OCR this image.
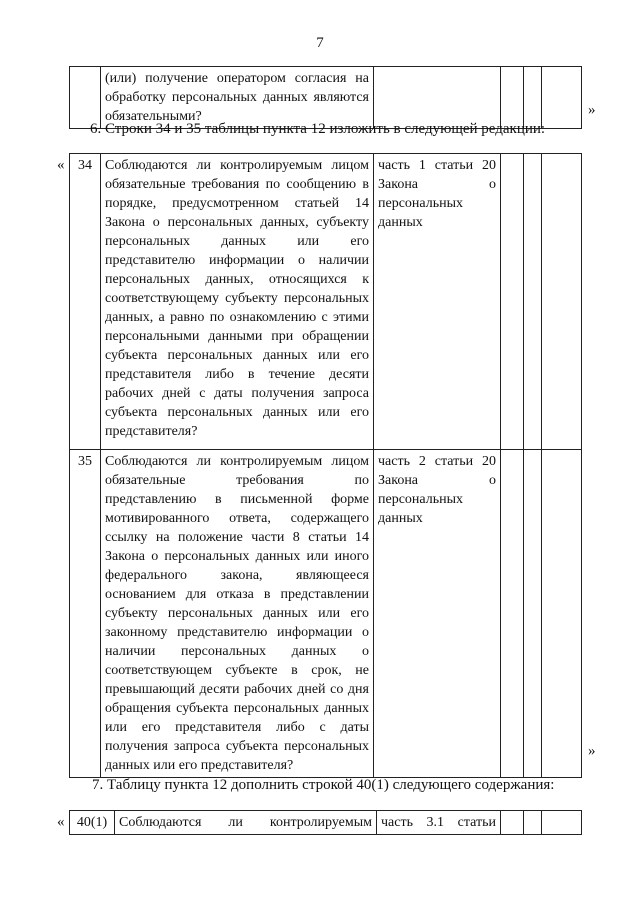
7
	(или) получение оператором согласия на обработку персональных данных являются обязательными?					»
6. Строки 34 и 35 таблицы пункта 12 изложить в следующей редакции:
« 34	Соблюдаются ли контролируемым лицом обязательные требования по сообщению в порядке, предусмотренном статьей 14 Закона о персональных данных, субъекту персональных данных или его представителю информации о наличии персональных данных, относящихся к соответствующему субъекту персональных данных, а равно по ознакомлению с этими персональными данными при обращении субъекта персональных данных или его представителя либо в течение десяти рабочих дней с даты получения запроса субъекта персональных данных или его представителя?	часть 1 статьи 20 Закона о персональных данных			
35	Соблюдаются ли контролируемым лицом обязательные требования по представлению в письменной форме мотивированного ответа, содержащего ссылку на положение части 8 статьи 14 Закона о персональных данных или иного федерального закона, являющееся основанием для отказа в представлении субъекту персональных данных или его законному представителю информации о наличии персональных данных о соответствующем субъекте в срок, не превышающий десяти рабочих дней со дня обращения субъекта персональных данных или его представителя либо с даты получения запроса субъекта персональных данных или его представителя?	часть 2 статьи 20 Закона о персональных данных			
»
7. Таблицу пункта 12 дополнить строкой 40(1) следующего содержания:
« 40(1)	Соблюдаются ли контролируемым	часть 3.1 статьи			
